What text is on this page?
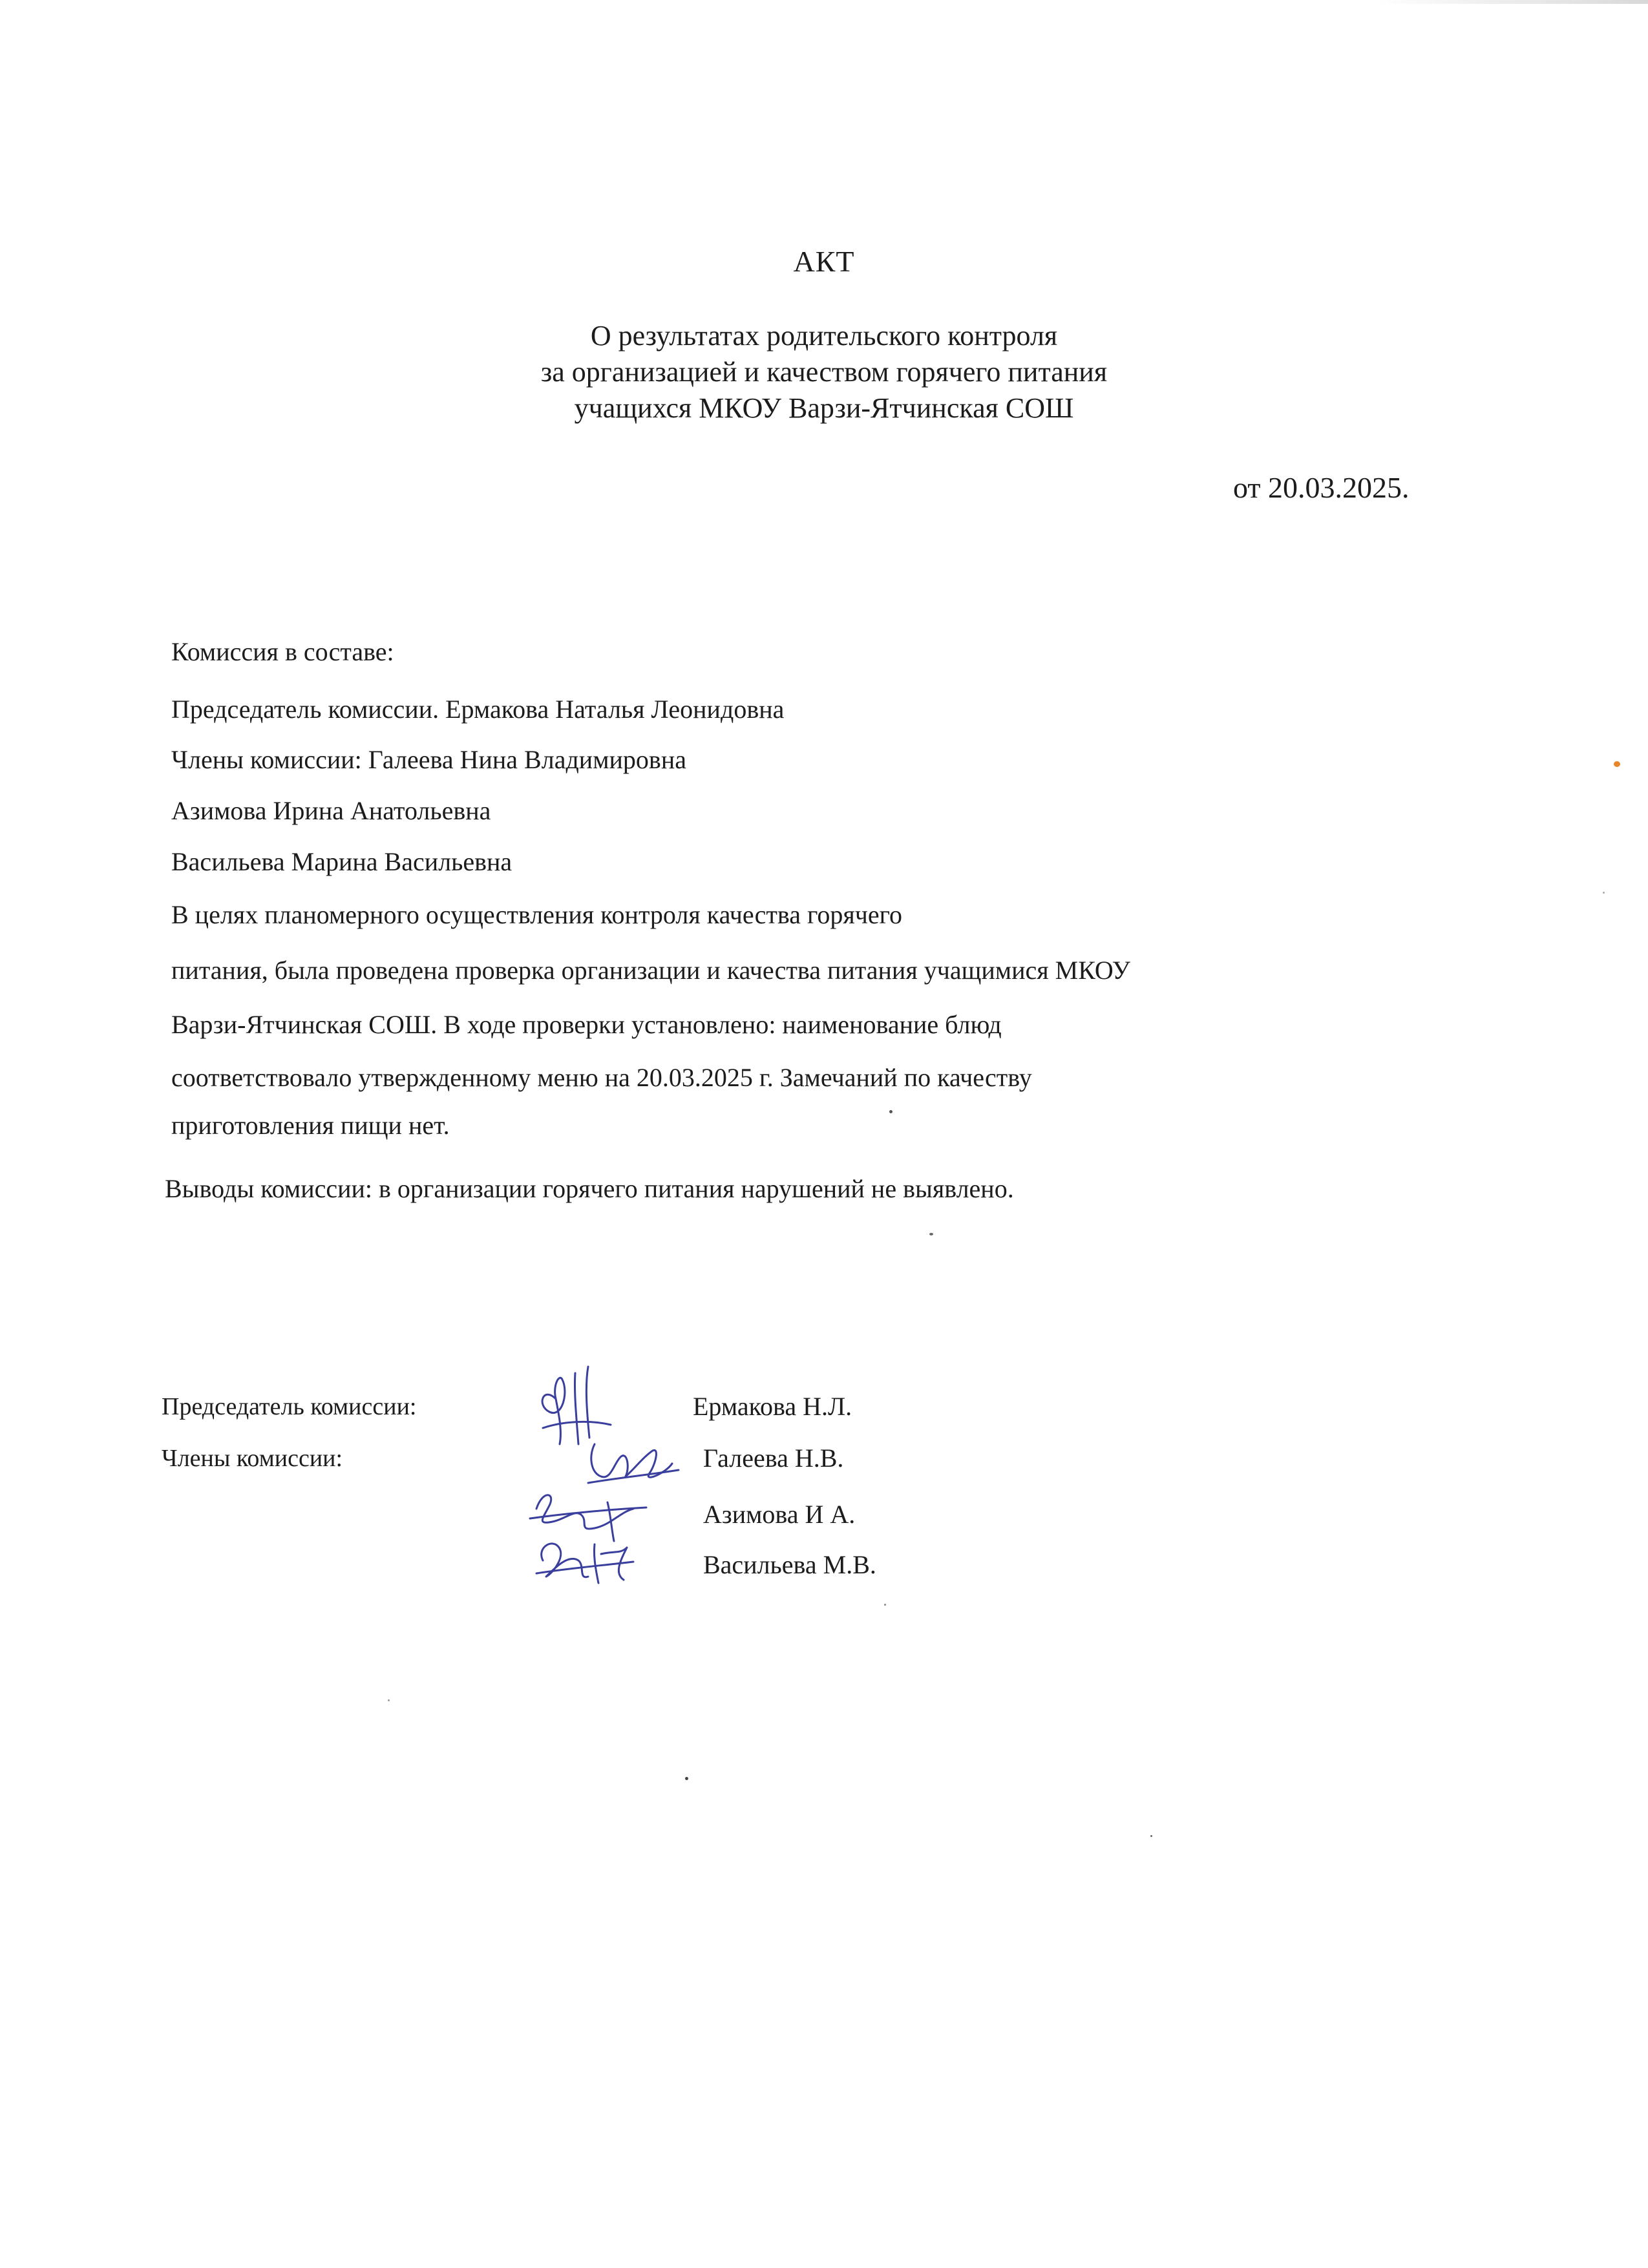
АКТ
О результатах родительского контроля
за организацией и качеством горячего питания
учащихся МКОУ Варзи-Ятчинская СОШ
от 20.03.2025.
Комиссия в составе:
Председатель комиссии. Ермакова Наталья Леонидовна
Члены комиссии: Галеева Нина Владимировна
Азимова Ирина Анатольевна
Васильева Марина Васильевна
В целях планомерного осуществления контроля качества горячего
питания, была проведена проверка организации и качества питания учащимися МКОУ
Варзи-Ятчинская СОШ. В ходе проверки установлено: наименование блюд
соответствовало утвержденному меню на 20.03.2025 г. Замечаний по качеству
приготовления пищи нет.
Выводы комиссии: в организации горячего питания нарушений не выявлено.
Председатель комиссии:
Члены комиссии:
Ермакова Н.Л.
Галеева Н.В.
Азимова И А.
Васильева М.В.
